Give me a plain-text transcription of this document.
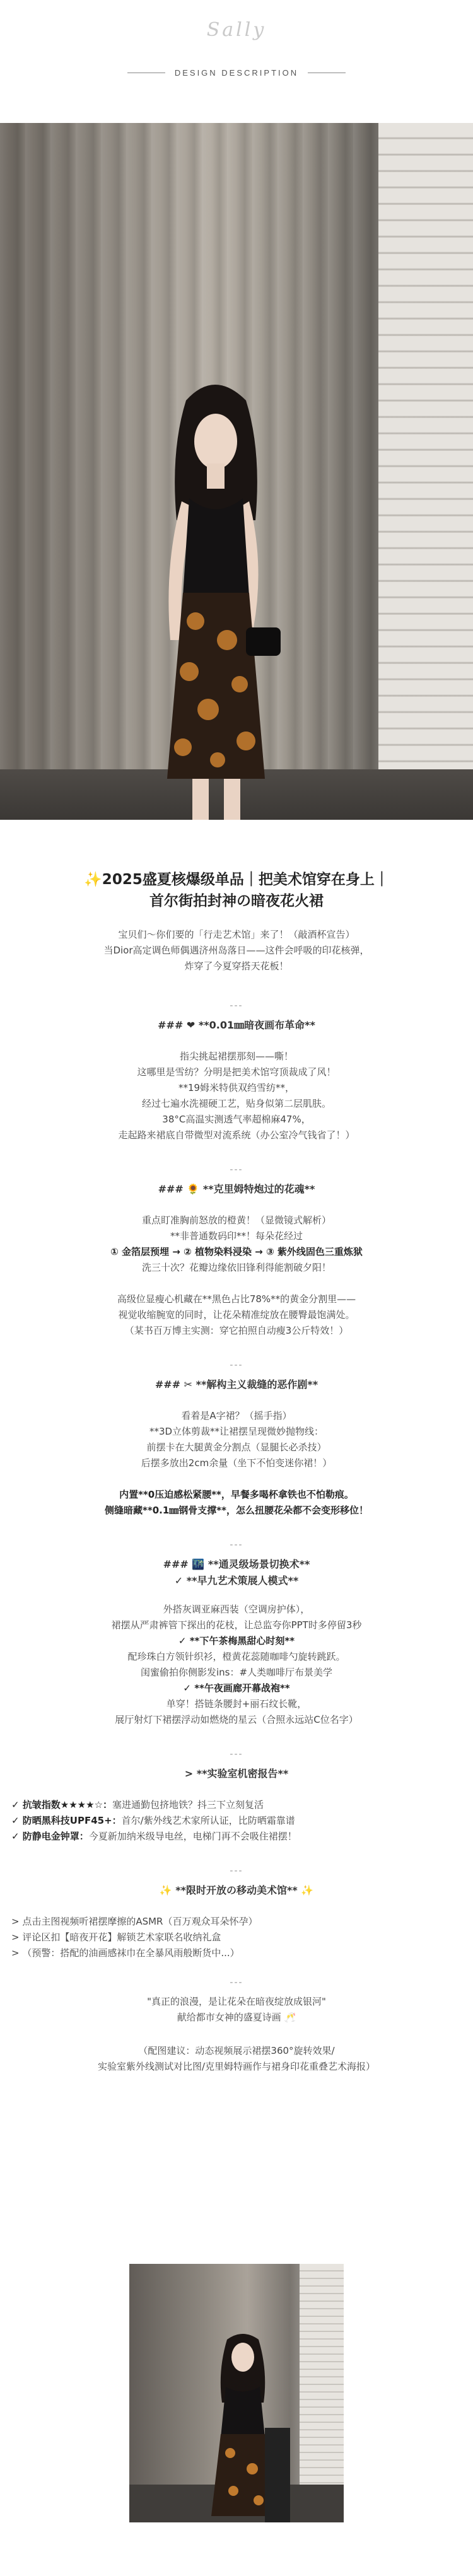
Sally
DESIGN DESCRIPTION
✨2025盛夏核爆级单品｜把美术馆穿在身上｜
首尔街拍封神の暗夜花火裙
宝贝们～你们要的「行走艺术馆」来了！（敲酒杯宣告）
当Dior高定调色师偶遇济州岛落日——这件会呼吸的印花核弹，
炸穿了今夏穿搭天花板！
---
### ❤ **0.01㎜暗夜画布革命**
指尖挑起裙摆那刻——嘶！
这哪里是雪纺？分明是把美术馆穹顶裁成了风！
**19姆米特供双绉雪纺**，
经过七遍水洗褪硬工艺，贴身似第二层肌肤。
38°C高温实测透气率超棉麻47%，
走起路来裙底自带微型对流系统（办公室冷气钱省了！）
---
### 🌻 **克里姆特炮过的花魂**
重点盯准胸前怒放的橙黄！（显微镜式解析）
**非普通数码印**！每朵花经过
① 金箔层预埋 → ② 植物染料浸染 → ③ 紫外线固色三重炼狱
洗三十次？花瓣边缘依旧锋利得能割破夕阳！
高级位显瘦心机藏在**黑色占比78%**的黄金分割里——
视觉收缩腕宽的同时，让花朵精准绽放在腰臀最饱满处。
（某书百万博主实测：穿它拍照自动瘦3公斤特效！）
---
### ✂ **解构主义裁缝的恶作剧**
看着是A字裙？（摇手指）
**3D立体剪裁**让裙摆呈现微妙抛物线：
前摆卡在大腿黄金分割点（显腿长必杀技）
后摆多放出2cm余量（坐下不怕变迷你裙！）
内置**0压迫感松紧腰**，早餐多喝杯拿铁也不怕勒痕。
侧缝暗藏**0.1㎜钢骨支撑**，怎么扭腰花朵都不会变形移位！
---
### 🌃 **通灵级场景切换术**
✓ **早九艺术策展人模式**
外搭灰调亚麻西装（空调房护体），
裙摆从严肃裤管下探出的花枝，让总监夸你PPT时多停留3秒
✓ **下午茶梅黑甜心时刻**
配珍珠白方领针织衫，橙黄花蕊随咖啡勺旋转跳跃。
闺蜜偷拍你侧影发ins：#人类咖啡厅布景美学
✓ **午夜画廊开幕战袍**
单穿！搭链条腰封+丽石纹长靴，
展厅射灯下裙摆浮动如燃烧的星云（合照永远站C位名字）
---
> **实验室机密报告**
✓ 抗皱指数★★★★☆：塞进通勤包挤地铁？抖三下立刻复活
✓ 防晒黑科技UPF45+：首尔/紫外线艺术家所认证，比防晒霜靠谱
✓ 防静电金钟罩：今夏新加纳米级导电丝，电梯门再不会吸住裙摆！
---
✨ **限时开放の移动美术馆** ✨
> 点击主图视频听裙摆摩擦的ASMR（百万观众耳朵怀孕）
> 评论区扣【暗夜开花】解锁艺术家联名收纳礼盒
> （预警：搭配的油画感袜巾在全暴风雨般断货中...）
---
"真正的浪漫，是让花朵在暗夜绽放成银河"
献给都市女神的盛夏诗画 🥂
（配图建议：动态视频展示裙摆360°旋转效果/
实验室紫外线测试对比图/克里姆特画作与裙身印花重叠艺术海报）
